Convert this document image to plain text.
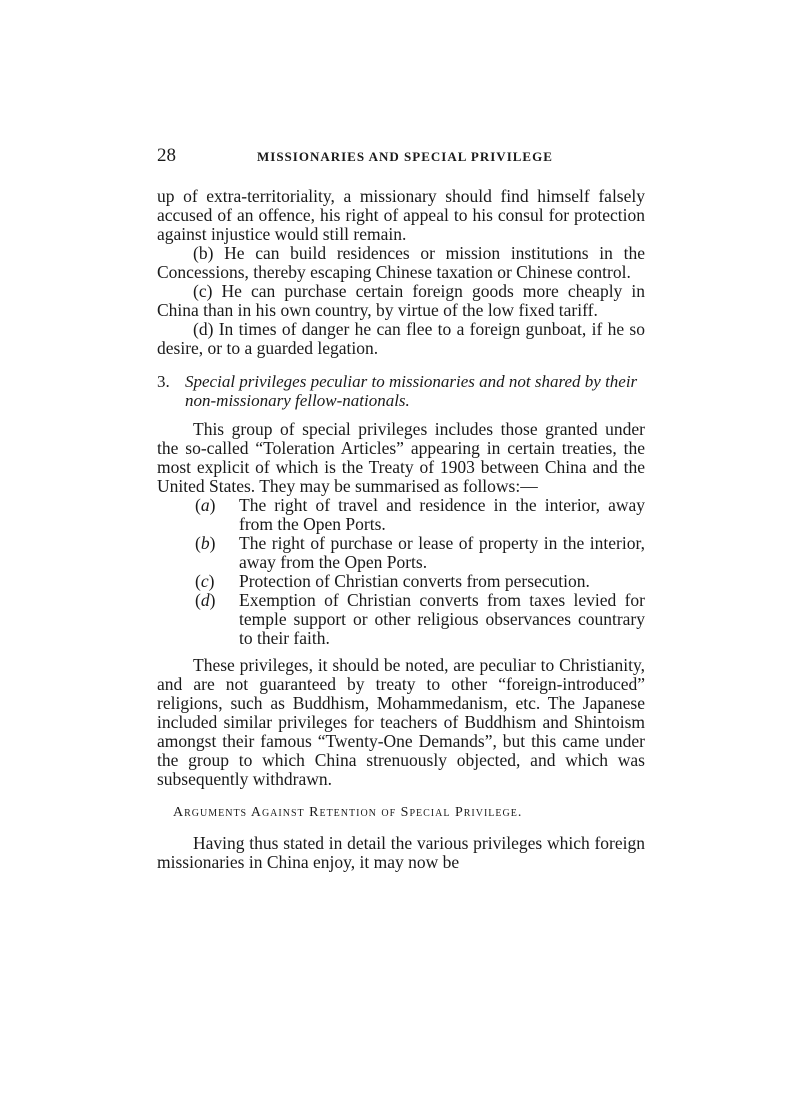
28	MISSIONARIES AND SPECIAL PRIVILEGE

up of extra-territoriality, a missionary should find himself falsely accused of an offence, his right of appeal to his consul for protection against injustice would still remain.

(b) He can build residences or mission institutions in the Concessions, thereby escaping Chinese taxation or Chinese control.

(c) He can purchase certain foreign goods more cheaply in China than in his own country, by virtue of the low fixed tariff.

(d) In times of danger he can flee to a foreign gunboat, if he so desire, or to a guarded legation.

3. Special privileges peculiar to missionaries and not shared by their non-missionary fellow-nationals.

This group of special privileges includes those granted under the so-called “Toleration Articles” appearing in certain treaties, the most explicit of which is the Treaty of 1903 between China and the United States. They may be summarised as follows:—

(a)	The right of travel and residence in the interior, away from the Open Ports.
(b)	The right of purchase or lease of property in the interior, away from the Open Ports.
(c)	Protection of Christian converts from persecution.
(d)	Exemption of Christian converts from taxes levied for temple support or other religious observances countrary to their faith.

These privileges, it should be noted, are peculiar to Christianity, and are not guaranteed by treaty to other “foreign-introduced” religions, such as Buddhism, Mohammedanism, etc. The Japanese included similar privileges for teachers of Buddhism and Shintoism amongst their famous “Twenty-One Demands”, but this came under the group to which China strenuously objected, and which was subsequently withdrawn.

Arguments Against Retention of Special Privilege.

Having thus stated in detail the various privileges which foreign missionaries in China enjoy, it may now be
